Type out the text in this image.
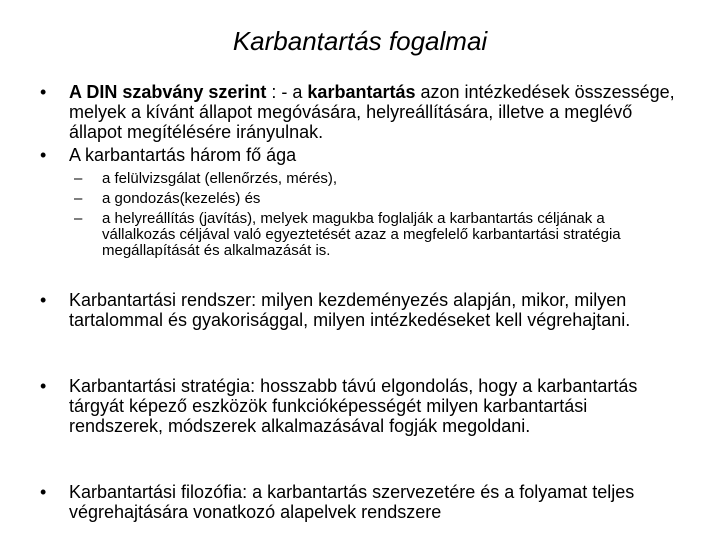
Karbantartás fogalmai
• A DIN szabvány szerint : - a karbantartás azon intézkedések összessége, melyek a kívánt állapot megóvására, helyreállítására, illetve a meglévő állapot megítélésére irányulnak.
• A karbantartás három fő ága
– a felülvizsgálat (ellenőrzés, mérés),
– a gondozás(kezelés) és
– a helyreállítás (javítás), melyek magukba foglalják a karbantartás céljának a vállalkozás céljával való egyeztetését azaz a megfelelő karbantartási stratégia megállapítását és alkalmazását is.
• Karbantartási rendszer: milyen kezdeményezés alapján, mikor, milyen tartalommal és gyakorisággal, milyen intézkedéseket kell végrehajtani.
• Karbantartási stratégia: hosszabb távú elgondolás, hogy a karbantartás tárgyát képező eszközök funkcióképességét milyen karbantartási rendszerek, módszerek alkalmazásával fogják megoldani.
• Karbantartási filozófia: a karbantartás szervezetére és a folyamat teljes végrehajtására vonatkozó alapelvek rendszere
